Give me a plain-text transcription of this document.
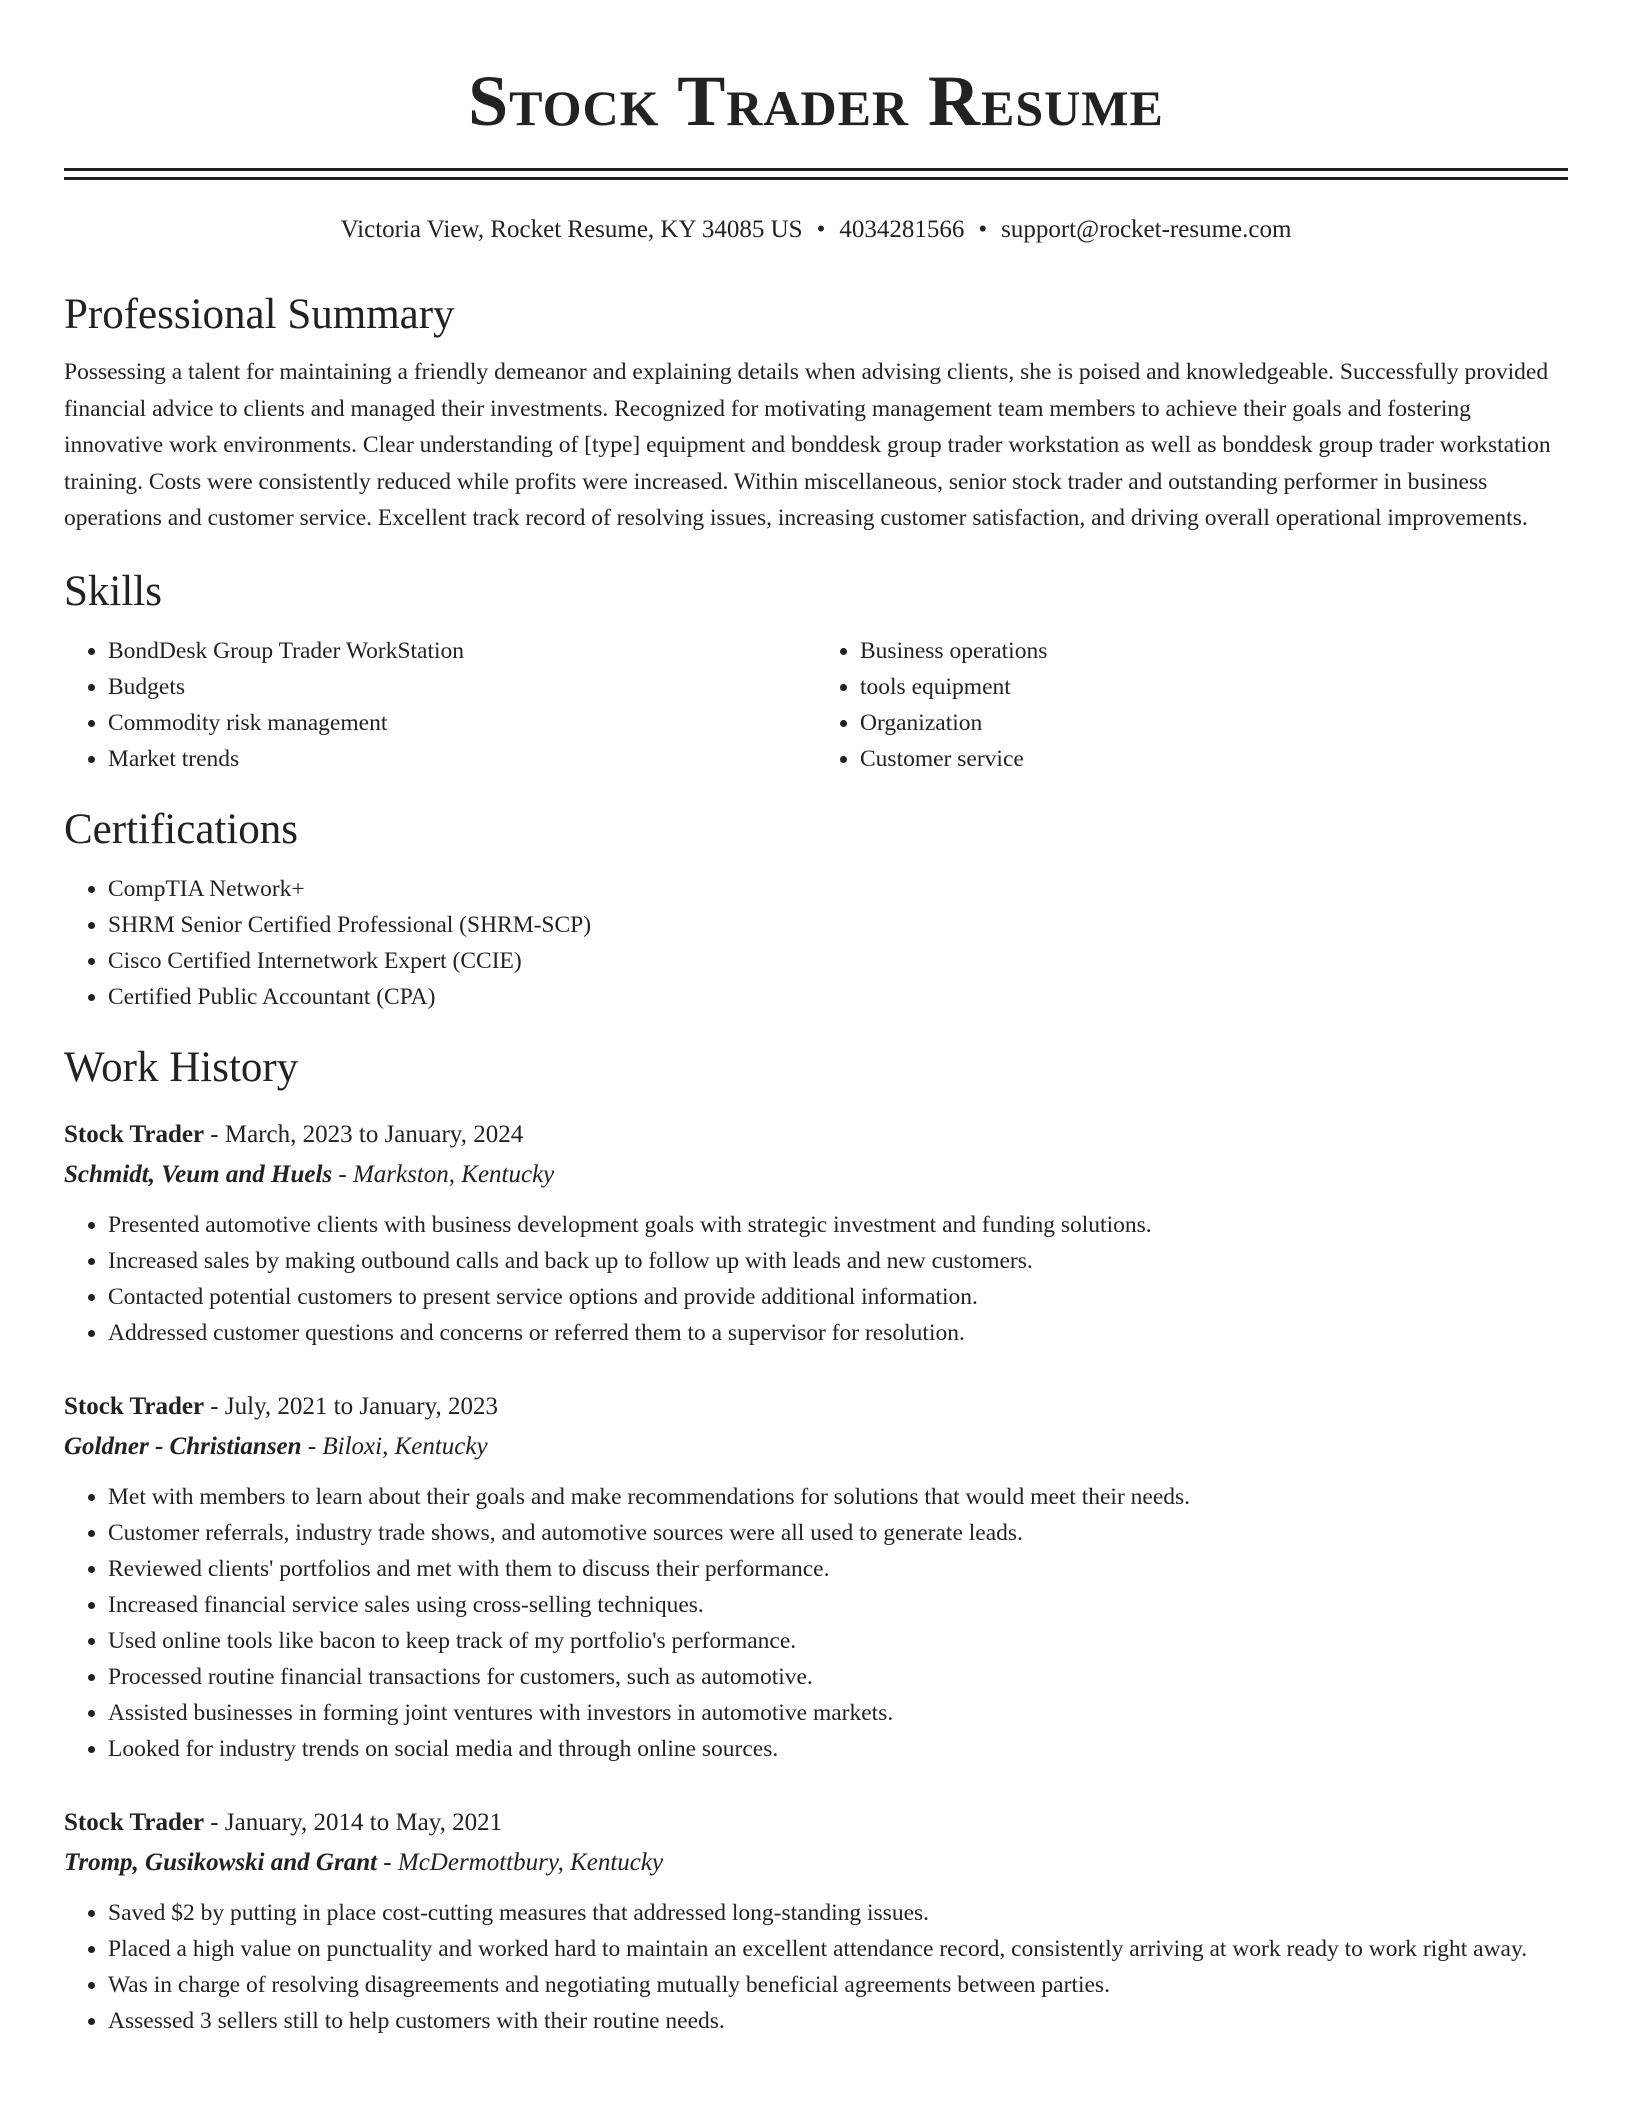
Stock Trader Resume
Victoria View, Rocket Resume, KY 34085 US • 4034281566 • support@rocket-resume.com
Professional Summary

Possessing a talent for maintaining a friendly demeanor and explaining details when advising clients, she is poised and knowledgeable. Successfully provided financial advice to clients and managed their investments. Recognized for motivating management team members to achieve their goals and fostering innovative work environments. Clear understanding of [type] equipment and bonddesk group trader workstation as well as bonddesk group trader workstation training. Costs were consistently reduced while profits were increased. Within miscellaneous, senior stock trader and outstanding performer in business operations and customer service. Excellent track record of resolving issues, increasing customer satisfaction, and driving overall operational improvements.

Skills
• BondDesk Group Trader WorkStation
• Budgets
• Commodity risk management
• Market trends
• Business operations
• tools equipment
• Organization
• Customer service
Certifications
• CompTIA Network+
• SHRM Senior Certified Professional (SHRM-SCP)
• Cisco Certified Internetwork Expert (CCIE)
• Certified Public Accountant (CPA)
Work History
Stock Trader - March, 2023 to January, 2024
Schmidt, Veum and Huels - Markston, Kentucky
• Presented automotive clients with business development goals with strategic investment and funding solutions.
• Increased sales by making outbound calls and back up to follow up with leads and new customers.
• Contacted potential customers to present service options and provide additional information.
• Addressed customer questions and concerns or referred them to a supervisor for resolution.
Stock Trader - July, 2021 to January, 2023
Goldner - Christiansen - Biloxi, Kentucky
• Met with members to learn about their goals and make recommendations for solutions that would meet their needs.
• Customer referrals, industry trade shows, and automotive sources were all used to generate leads.
• Reviewed clients' portfolios and met with them to discuss their performance.
• Increased financial service sales using cross-selling techniques.
• Used online tools like bacon to keep track of my portfolio's performance.
• Processed routine financial transactions for customers, such as automotive.
• Assisted businesses in forming joint ventures with investors in automotive markets.
• Looked for industry trends on social media and through online sources.
Stock Trader - January, 2014 to May, 2021
Tromp, Gusikowski and Grant - McDermottbury, Kentucky
• Saved $2 by putting in place cost-cutting measures that addressed long-standing issues.
• Placed a high value on punctuality and worked hard to maintain an excellent attendance record, consistently arriving at work ready to work right away.
• Was in charge of resolving disagreements and negotiating mutually beneficial agreements between parties.
• Assessed 3 sellers still to help customers with their routine needs.
